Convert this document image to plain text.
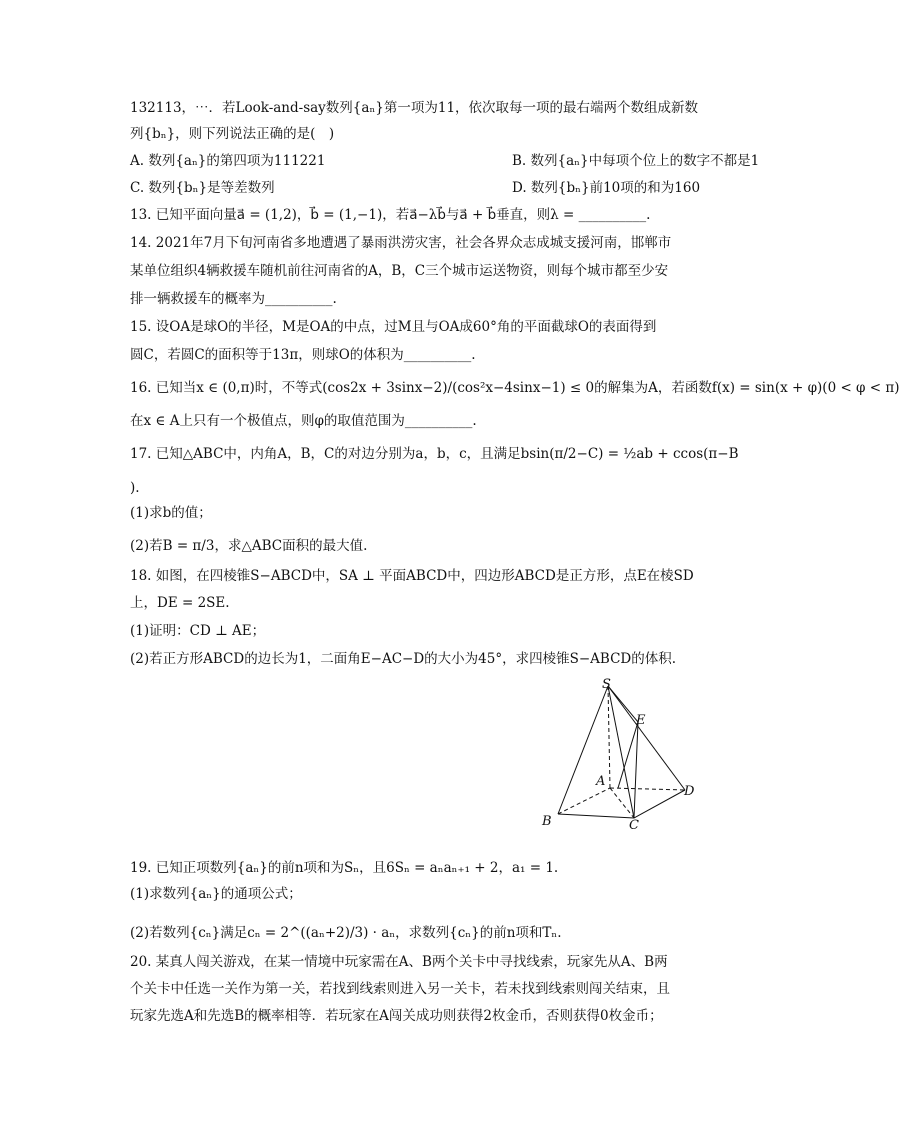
132113，⋯．若Look-and-say数列{aₙ}第一项为11，依次取每一项的最右端两个数组成新数
列{bₙ}，则下列说法正确的是(　)
A. 数列{aₙ}的第四项为111221	B. 数列{aₙ}中每项个位上的数字不都是1
C. 数列{bₙ}是等差数列	D. 数列{bₙ}前10项的和为160
13. 已知平面向量a⃗ = (1,2)，b⃗ = (1,−1)，若a⃗−λb⃗与a⃗ + b⃗垂直，则λ = __________.
14. 2021年7月下旬河南省多地遭遇了暴雨洪涝灾害，社会各界众志成城支援河南，邯郸市
某单位组织4辆救援车随机前往河南省的A，B，C三个城市运送物资，则每个城市都至少安
排一辆救援车的概率为__________.
15. 设OA是球O的半径，M是OA的中点，过M且与OA成60°角的平面截球O的表面得到
圆C，若圆C的面积等于13π，则球O的体积为__________.
16. 已知当x ∈ (0,π)时，不等式(cos2x + 3sinx−2)/(cos²x−4sinx−1) ≤ 0的解集为A，若函数f(x) = sin(x + φ)(0 < φ < π)
在x ∈ A上只有一个极值点，则φ的取值范围为__________.
17. 已知△ABC中，内角A，B，C的对边分别为a，b，c，且满足bsin(π/2−C) = ½ab + ccos(π−B
).
(1)求b的值；
(2)若B = π/3，求△ABC面积的最大值.
18. 如图，在四棱锥S−ABCD中，SA ⊥ 平面ABCD中，四边形ABCD是正方形，点E在棱SD
上，DE = 2SE.
(1)证明：CD ⊥ AE；
(2)若正方形ABCD的边长为1，二面角E−AC−D的大小为45°，求四棱锥S−ABCD的体积.
S
E
A
D
B	C
19. 已知正项数列{aₙ}的前n项和为Sₙ，且6Sₙ = aₙaₙ₊₁ + 2，a₁ = 1.
(1)求数列{aₙ}的通项公式；
(2)若数列{cₙ}满足cₙ = 2^((aₙ+2)/3) · aₙ，求数列{cₙ}的前n项和Tₙ.
20. 某真人闯关游戏，在某一情境中玩家需在A、B两个关卡中寻找线索，玩家先从A、B两
个关卡中任选一关作为第一关，若找到线索则进入另一关卡，若未找到线索则闯关结束，且
玩家先选A和先选B的概率相等．若玩家在A闯关成功则获得2枚金币，否则获得0枚金币；
